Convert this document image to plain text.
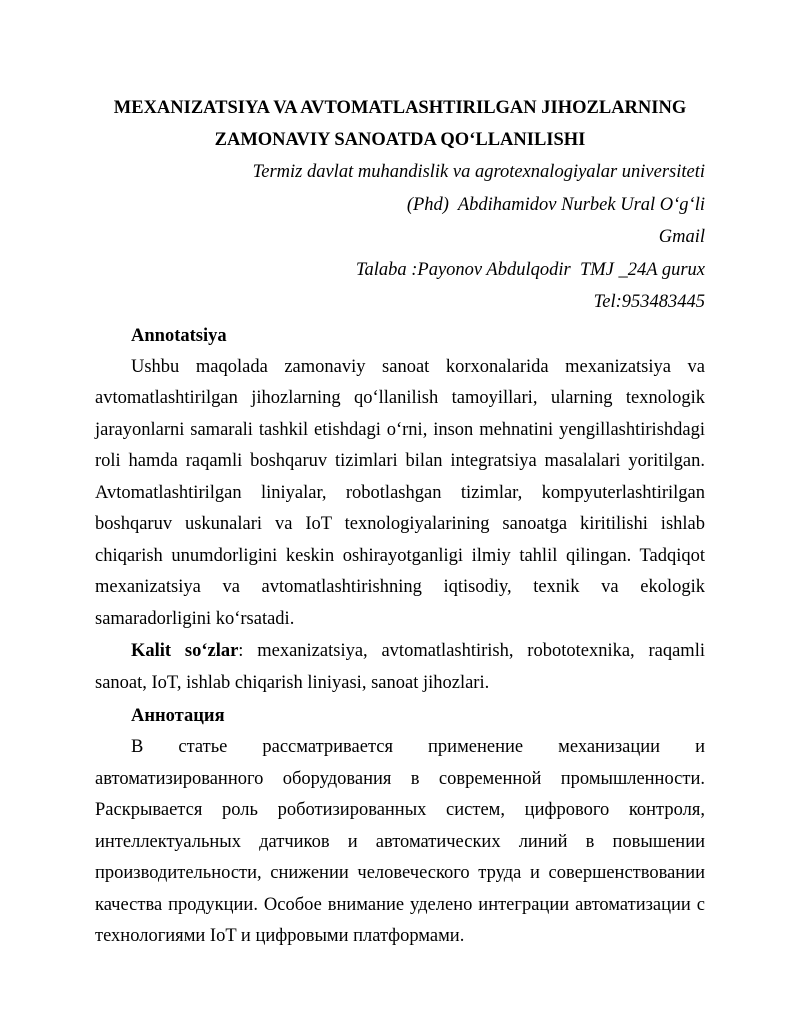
MEXANIZATSIYA VA AVTOMATLASHTIRILGAN JIHOZLARNING
ZAMONAVIY SANOATDA QO‘LLANILISHI
Termiz davlat muhandislik va agrotexnalogiyalar universiteti
(Phd)  Abdihamidov Nurbek Ural O‘g‘li
Gmail
Talaba :Payonov Abdulqodir  TMJ _24A gurux
Tel:953483445
Annotatsiya

Ushbu maqolada zamonaviy sanoat korxonalarida mexanizatsiya va avtomatlashtirilgan jihozlarning qo‘llanilish tamoyillari, ularning texnologik jarayonlarni samarali tashkil etishdagi o‘rni, inson mehnatini yengillashtirishdagi roli hamda raqamli boshqaruv tizimlari bilan integratsiya masalalari yoritilgan. Avtomatlashtirilgan liniyalar, robotlashgan tizimlar, kompyuterlashtirilgan boshqaruv uskunalari va IoT texnologiyalarining sanoatga kiritilishi ishlab chiqarish unumdorligini keskin oshirayotganligi ilmiy tahlil qilingan. Tadqiqot mexanizatsiya va avtomatlashtirishning iqtisodiy, texnik va ekologik samaradorligini ko‘rsatadi.

Kalit so‘zlar: mexanizatsiya, avtomatlashtirish, robototexnika, raqamli sanoat, IoT, ishlab chiqarish liniyasi, sanoat jihozlari.

Аннотация

В статье рассматривается применение механизации и автоматизированного оборудования в современной промышленности. Раскрывается роль роботизированных систем, цифрового контроля, интеллектуальных датчиков и автоматических линий в повышении производительности, снижении человеческого труда и совершенствовании качества продукции. Особое внимание уделено интеграции автоматизации с технологиями IoT и цифровыми платформами.
